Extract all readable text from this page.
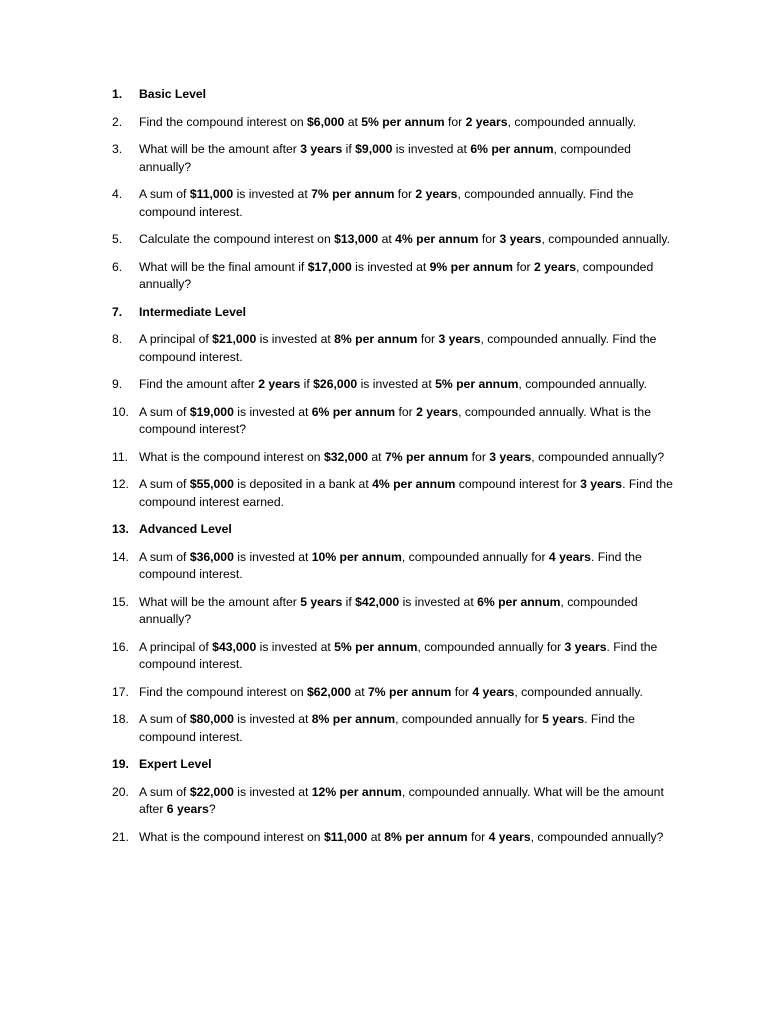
1.	Basic Level
2.	Find the compound interest on $6,000 at 5% per annum for 2 years, compounded annually.
3.	What will be the amount after 3 years if $9,000 is invested at 6% per annum, compounded annually?
4.	A sum of $11,000 is invested at 7% per annum for 2 years, compounded annually. Find the compound interest.
5.	Calculate the compound interest on $13,000 at 4% per annum for 3 years, compounded annually.
6.	What will be the final amount if $17,000 is invested at 9% per annum for 2 years, compounded annually?
7.	Intermediate Level
8.	A principal of $21,000 is invested at 8% per annum for 3 years, compounded annually. Find the compound interest.
9.	Find the amount after 2 years if $26,000 is invested at 5% per annum, compounded annually.
10. A sum of $19,000 is invested at 6% per annum for 2 years, compounded annually. What is the compound interest?
11. What is the compound interest on $32,000 at 7% per annum for 3 years, compounded annually?
12. A sum of $55,000 is deposited in a bank at 4% per annum compound interest for 3 years. Find the compound interest earned.
13. Advanced Level
14. A sum of $36,000 is invested at 10% per annum, compounded annually for 4 years. Find the compound interest.
15. What will be the amount after 5 years if $42,000 is invested at 6% per annum, compounded annually?
16. A principal of $43,000 is invested at 5% per annum, compounded annually for 3 years. Find the compound interest.
17. Find the compound interest on $62,000 at 7% per annum for 4 years, compounded annually.
18. A sum of $80,000 is invested at 8% per annum, compounded annually for 5 years. Find the compound interest.
19. Expert Level
20. A sum of $22,000 is invested at 12% per annum, compounded annually. What will be the amount after 6 years?
21. What is the compound interest on $11,000 at 8% per annum for 4 years, compounded annually?
